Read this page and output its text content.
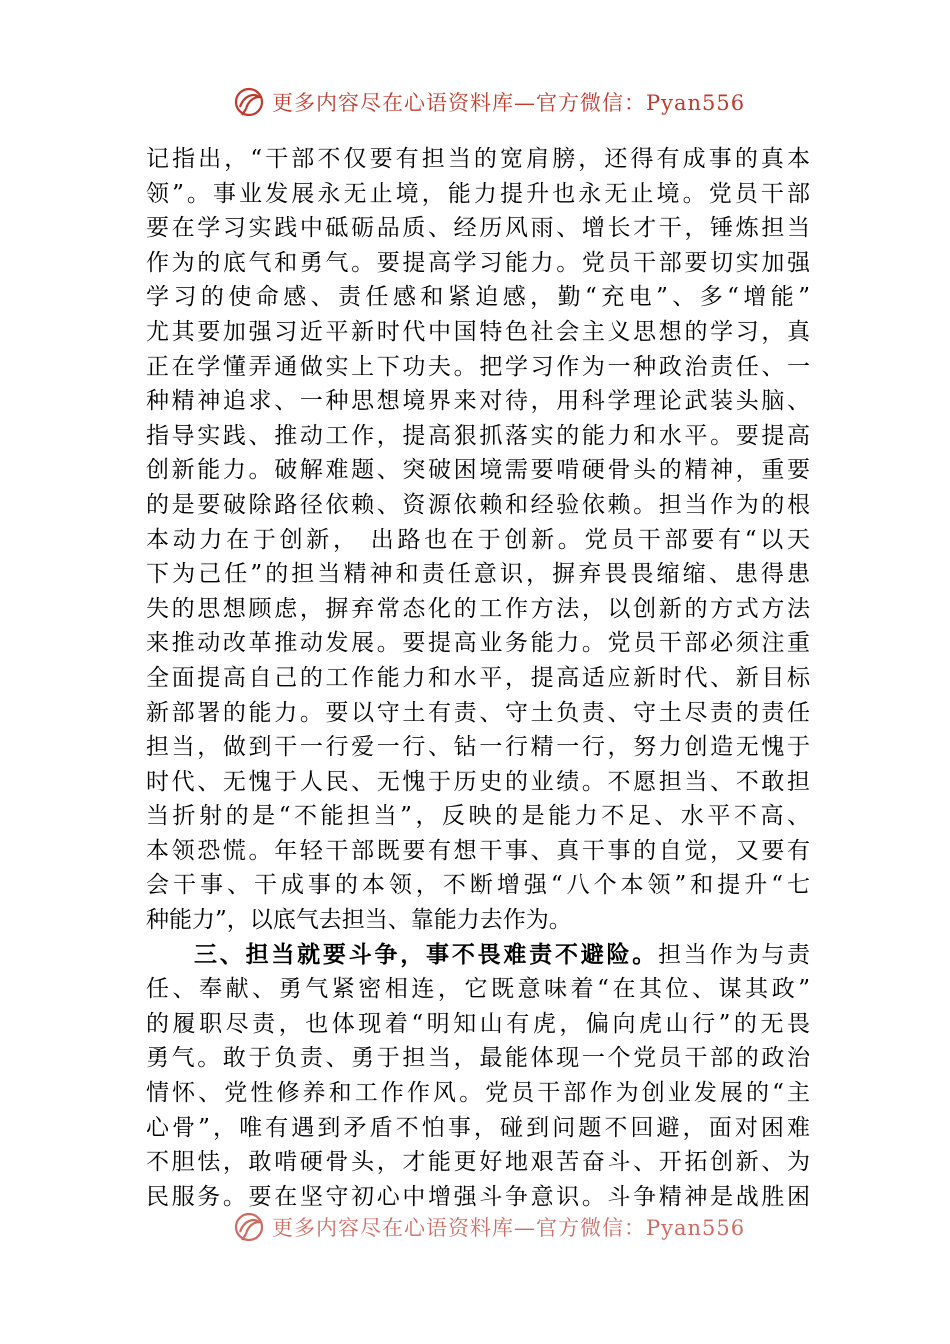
更多内容尽在心语资料库—官方微信：Pyan556
记指出，“干部不仅要有担当的宽肩膀，还得有成事的真本
领”。事业发展永无止境，能力提升也永无止境。党员干部
要在学习实践中砥砺品质、经历风雨、增长才干，锤炼担当
作为的底气和勇气。要提高学习能力。党员干部要切实加强
学习的使命感、责任感和紧迫感，勤“充电”、多“增能”
尤其要加强习近平新时代中国特色社会主义思想的学习，真
正在学懂弄通做实上下功夫。把学习作为一种政治责任、一
种精神追求、一种思想境界来对待，用科学理论武装头脑、
指导实践、推动工作，提高狠抓落实的能力和水平。要提高
创新能力。破解难题、突破困境需要啃硬骨头的精神，重要
的是要破除路径依赖、资源依赖和经验依赖。担当作为的根
本动力在于创新， 出路也在于创新。党员干部要有“以天
下为己任”的担当精神和责任意识，摒弃畏畏缩缩、患得患
失的思想顾虑，摒弃常态化的工作方法，以创新的方式方法
来推动改革推动发展。要提高业务能力。党员干部必须注重
全面提高自己的工作能力和水平，提高适应新时代、新目标
新部署的能力。要以守土有责、守土负责、守土尽责的责任
担当，做到干一行爱一行、钻一行精一行，努力创造无愧于
时代、无愧于人民、无愧于历史的业绩。不愿担当、不敢担
当折射的是“不能担当”，反映的是能力不足、水平不高、
本领恐慌。年轻干部既要有想干事、真干事的自觉，又要有
会干事、干成事的本领，不断增强“八个本领”和提升“七
种能力”，以底气去担当、靠能力去作为。
三、担当就要斗争，事不畏难责不避险。担当作为与责
任、奉献、勇气紧密相连，它既意味着“在其位、谋其政”
的履职尽责，也体现着“明知山有虎，偏向虎山行”的无畏
勇气。敢于负责、勇于担当，最能体现一个党员干部的政治
情怀、党性修养和工作作风。党员干部作为创业发展的“主
心骨”，唯有遇到矛盾不怕事，碰到问题不回避，面对困难
不胆怯，敢啃硬骨头，才能更好地艰苦奋斗、开拓创新、为
民服务。要在坚守初心中增强斗争意识。斗争精神是战胜困
更多内容尽在心语资料库—官方微信：Pyan556
